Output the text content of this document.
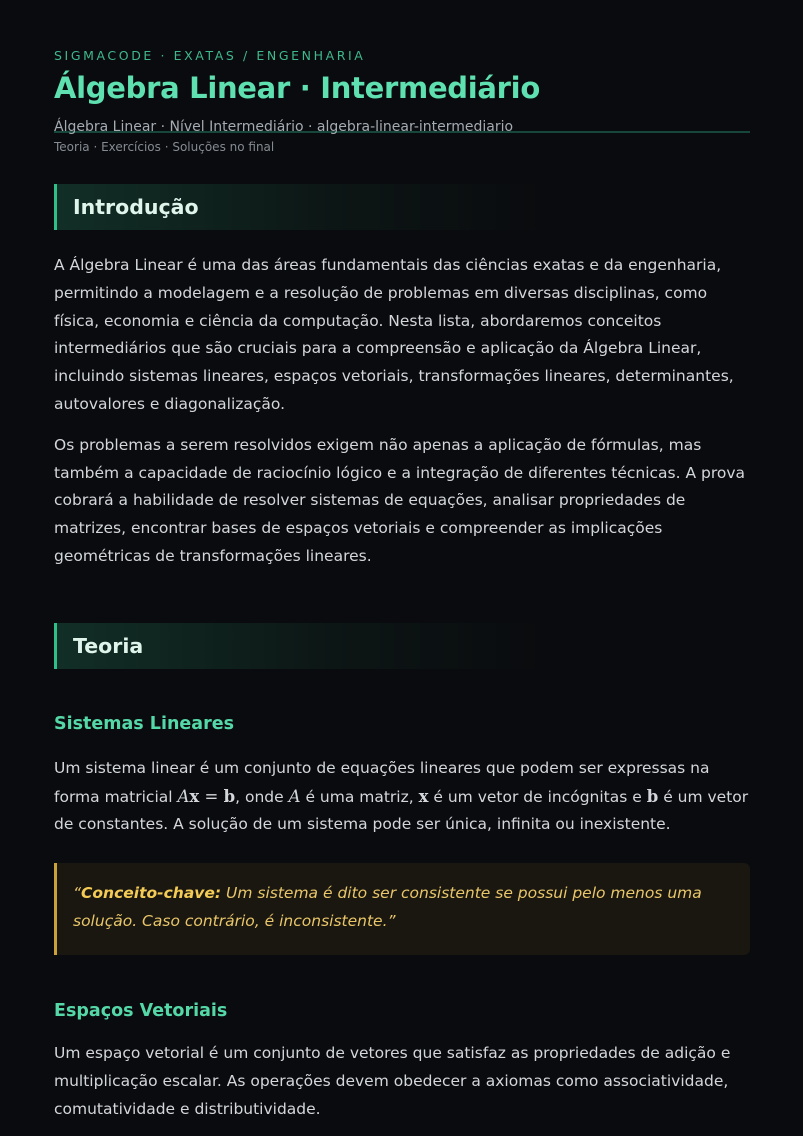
SIGMACODE · EXATAS / ENGENHARIA
Álgebra Linear · Intermediário
Álgebra Linear · Nível Intermediário · algebra-linear-intermediario
Teoria · Exercícios · Soluções no final
Introdução

A Álgebra Linear é uma das áreas fundamentais das ciências exatas e da engenharia, permitindo a modelagem e a resolução de problemas em diversas disciplinas, como física, economia e ciência da computação. Nesta lista, abordaremos conceitos intermediários que são cruciais para a compreensão e aplicação da Álgebra Linear, incluindo sistemas lineares, espaços vetoriais, transformações lineares, determinantes, autovalores e diagonalização.

Os problemas a serem resolvidos exigem não apenas a aplicação de fórmulas, mas também a capacidade de raciocínio lógico e a integração de diferentes técnicas. A prova cobrará a habilidade de resolver sistemas de equações, analisar propriedades de matrizes, encontrar bases de espaços vetoriais e compreender as implicações geométricas de transformações lineares.

Teoria
Sistemas Lineares

Um sistema linear é um conjunto de equações lineares que podem ser expressas na forma matricial Ax = b, onde A é uma matriz, x é um vetor de incógnitas e b é um vetor de constantes. A solução de um sistema pode ser única, infinita ou inexistente.

“Conceito-chave: Um sistema é dito ser consistente se possui pelo menos uma solução. Caso contrário, é inconsistente.”
Espaços Vetoriais

Um espaço vetorial é um conjunto de vetores que satisfaz as propriedades de adição e multiplicação escalar. As operações devem obedecer a axiomas como associatividade, comutatividade e distributividade.
